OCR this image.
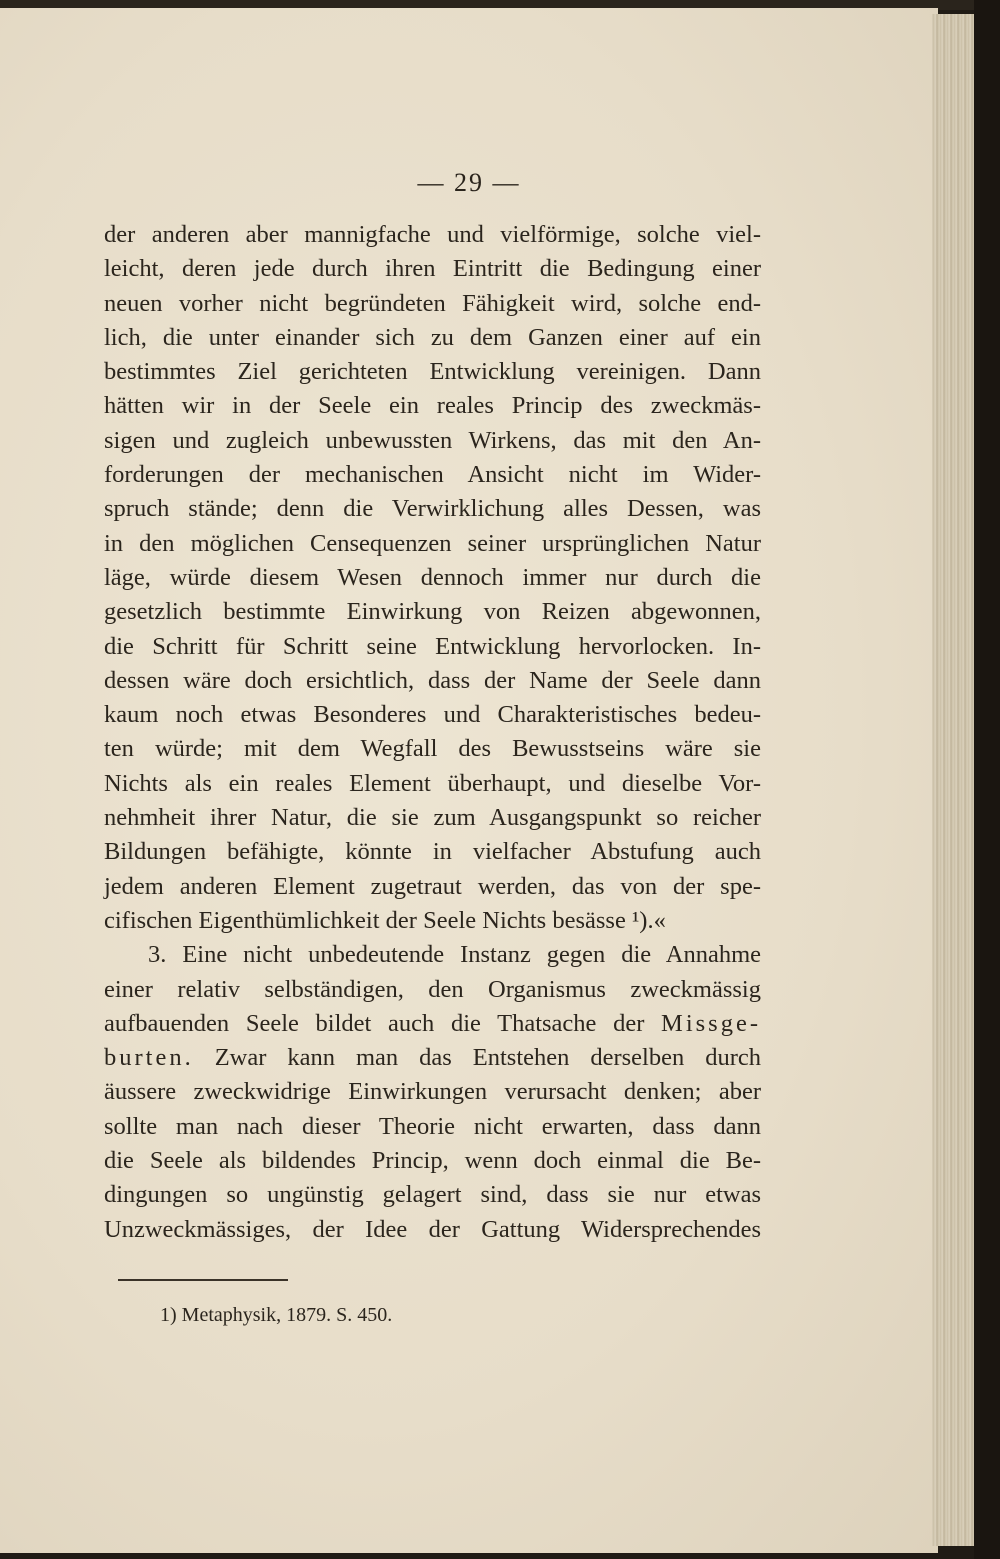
— 29 —
der anderen aber mannigfache und vielförmige, solche viel-
leicht, deren jede durch ihren Eintritt die Bedingung einer
neuen vorher nicht begründeten Fähigkeit wird, solche end-
lich, die unter einander sich zu dem Ganzen einer auf ein
bestimmtes Ziel gerichteten Entwicklung vereinigen. Dann
hätten wir in der Seele ein reales Princip des zweckmäs-
sigen und zugleich unbewussten Wirkens, das mit den An-
forderungen der mechanischen Ansicht nicht im Wider-
spruch stände; denn die Verwirklichung alles Dessen, was
in den möglichen Censequenzen seiner ursprünglichen Natur
läge, würde diesem Wesen dennoch immer nur durch die
gesetzlich bestimmte Einwirkung von Reizen abgewonnen,
die Schritt für Schritt seine Entwicklung hervorlocken. In-
dessen wäre doch ersichtlich, dass der Name der Seele dann
kaum noch etwas Besonderes und Charakteristisches bedeu-
ten würde; mit dem Wegfall des Bewusstseins wäre sie
Nichts als ein reales Element überhaupt, und dieselbe Vor-
nehmheit ihrer Natur, die sie zum Ausgangspunkt so reicher
Bildungen befähigte, könnte in vielfacher Abstufung auch
jedem anderen Element zugetraut werden, das von der spe-
cifischen Eigenthümlichkeit der Seele Nichts besässe ¹).«
3. Eine nicht unbedeutende Instanz gegen die Annahme
einer relativ selbständigen, den Organismus zweckmässig
aufbauenden Seele bildet auch die Thatsache der Missge-
burten. Zwar kann man das Entstehen derselben durch
äussere zweckwidrige Einwirkungen verursacht denken; aber
sollte man nach dieser Theorie nicht erwarten, dass dann
die Seele als bildendes Princip, wenn doch einmal die Be-
dingungen so ungünstig gelagert sind, dass sie nur etwas
Unzweckmässiges, der Idee der Gattung Widersprechendes
1) Metaphysik, 1879. S. 450.
